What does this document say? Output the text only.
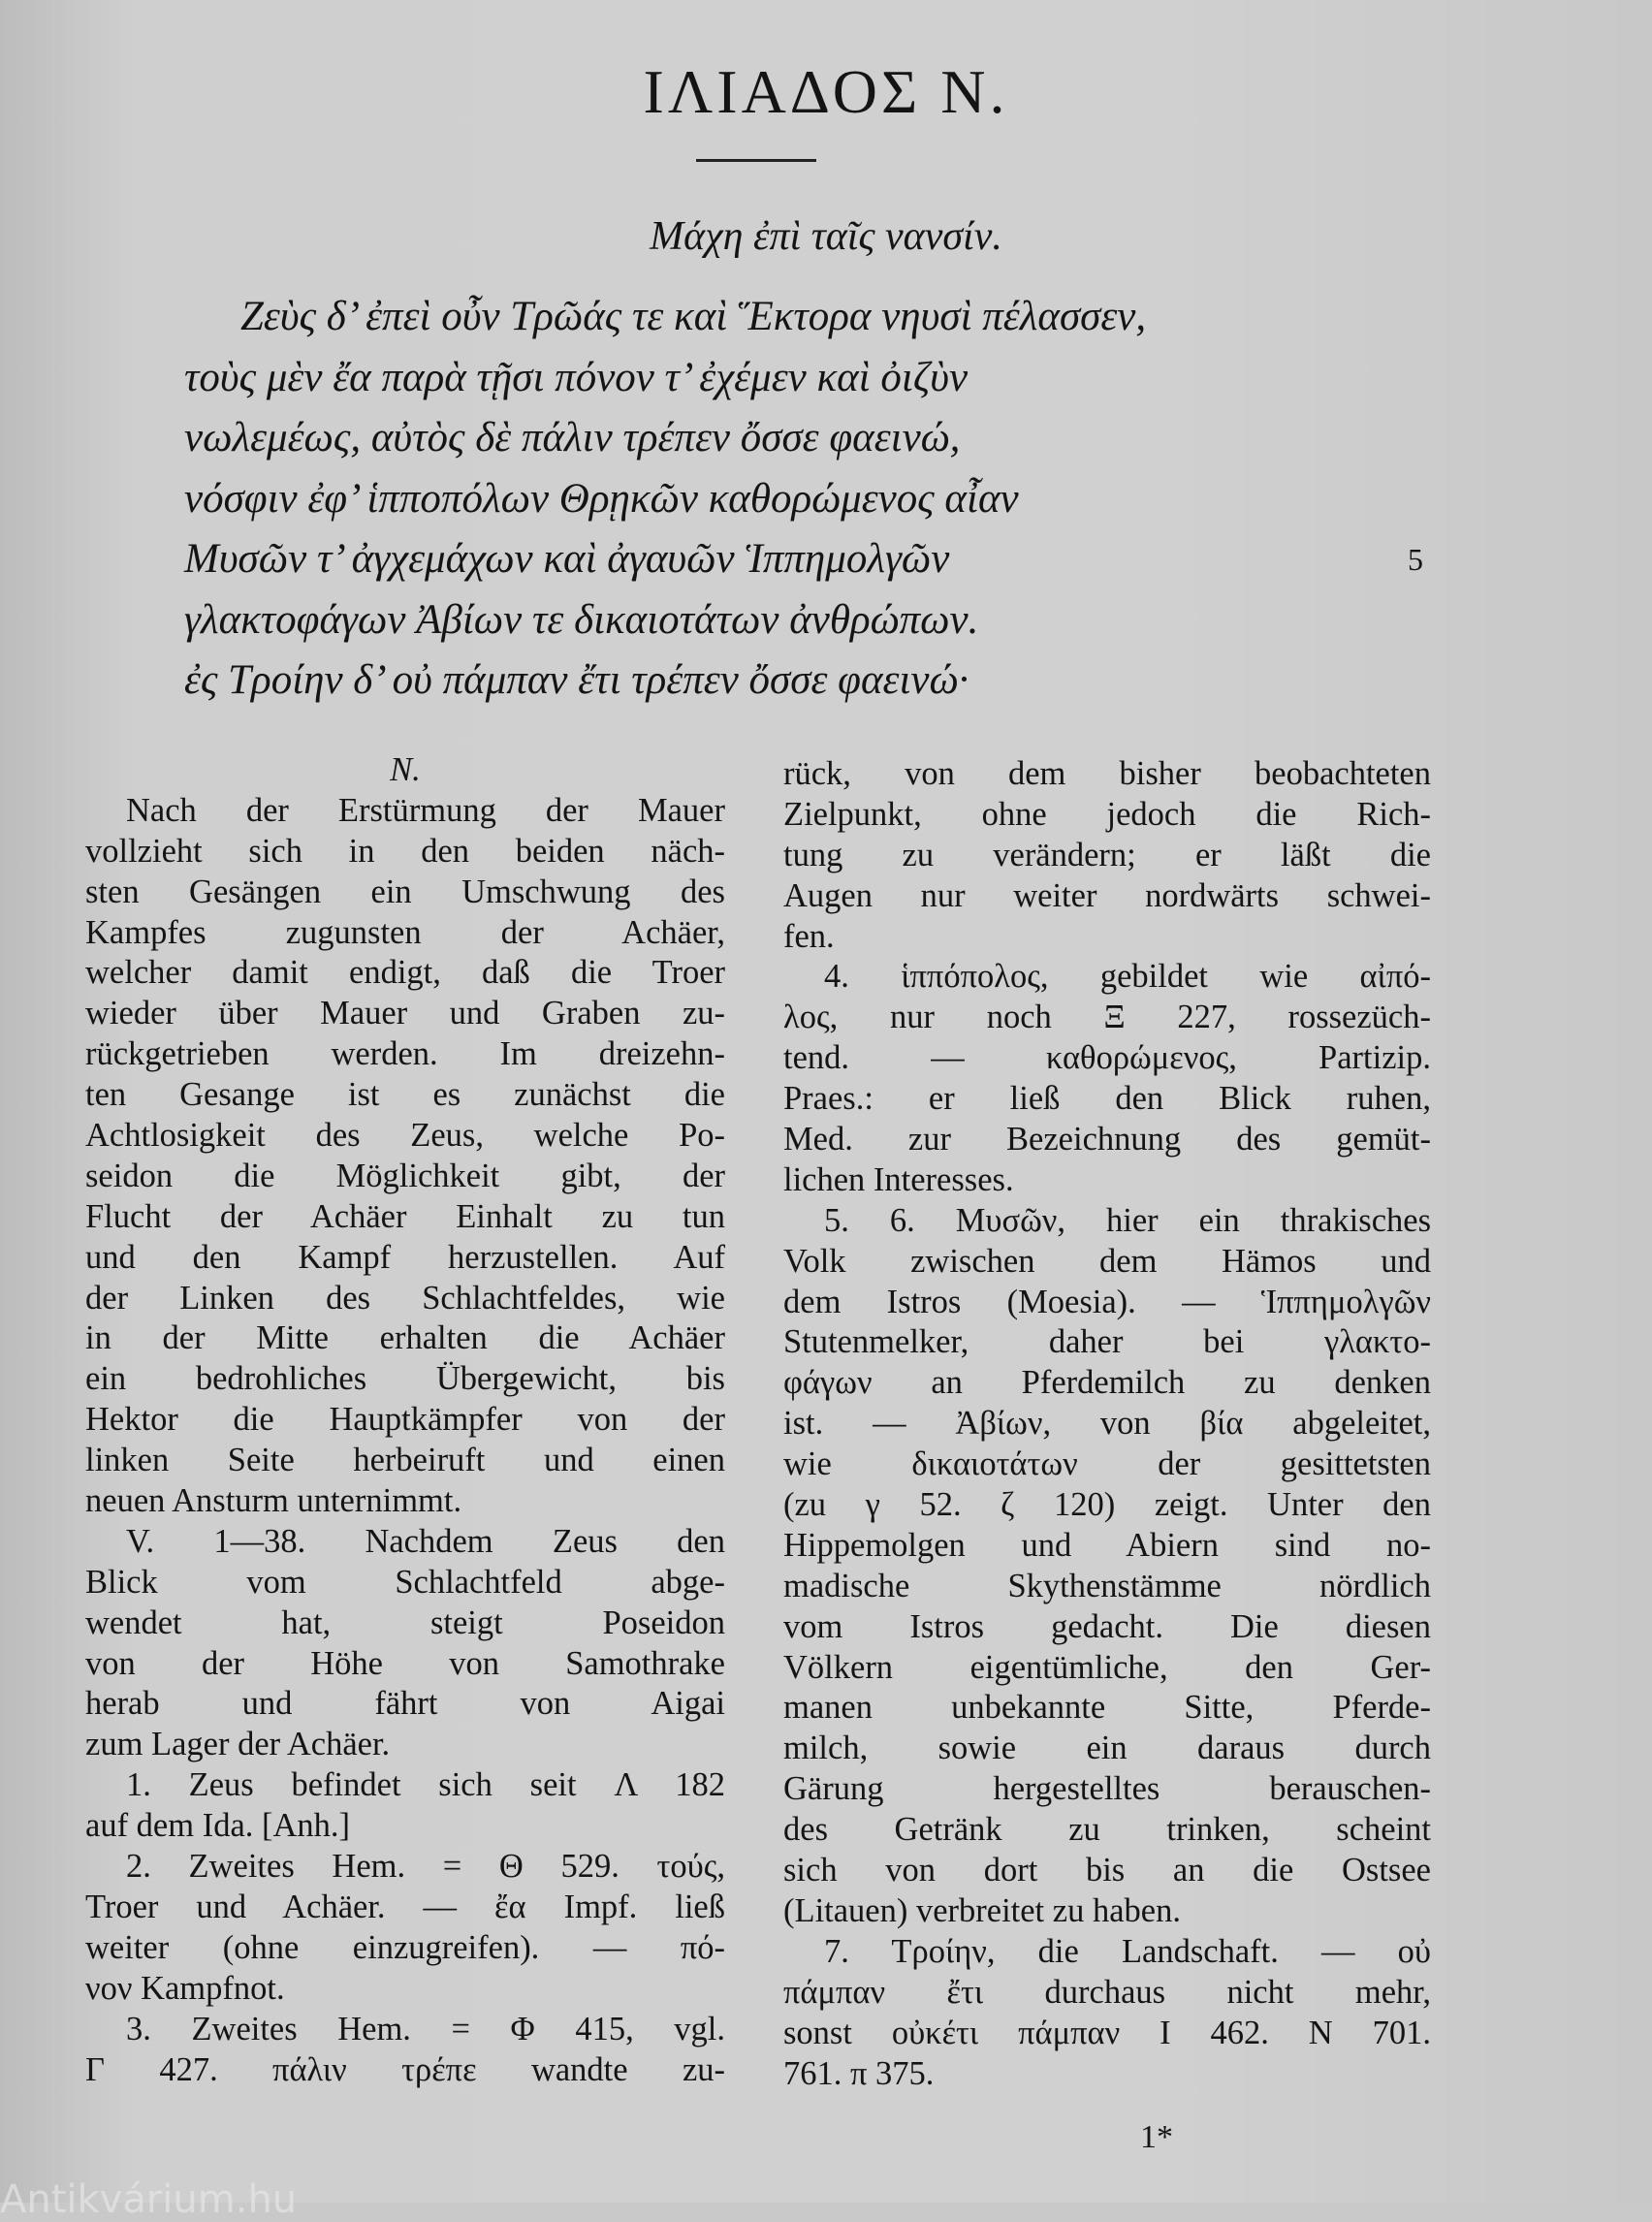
ΙΛΙΑΔΟΣ Ν.
Μάχη ἐπὶ ταῖς νανσίν.
Ζεὺς δ’ ἐπεὶ οὖν Τρῶάς τε καὶ Ἕκτορα νηυσὶ πέλασσεν,
τοὺς μὲν ἔα παρὰ τῇσι πόνον τ’ ἐχέμεν καὶ ὀιζὺν
νωλεμέως, αὐτὸς δὲ πάλιν τρέπεν ὄσσε φαεινώ,
νόσφιν ἐφ’ ἱπποπόλων Θρῃκῶν καθορώμενος αἶαν
Μυσῶν τ’ ἀγχεμάχων καὶ ἀγαυῶν Ἱππημολγῶν	5
γλακτοφάγων Ἀβίων τε δικαιοτάτων ἀνθρώπων.
ἐς Τροίην δ’ οὐ πάμπαν ἔτι τρέπεν ὄσσε φαεινώ·
N.
Nach der Erstürmung der Mauer
vollzieht sich in den beiden näch-
sten Gesängen ein Umschwung des
Kampfes zugunsten der Achäer,
welcher damit endigt, daß die Troer
wieder über Mauer und Graben zu-
rückgetrieben werden. Im dreizehn-
ten Gesange ist es zunächst die
Achtlosigkeit des Zeus, welche Po-
seidon die Möglichkeit gibt, der
Flucht der Achäer Einhalt zu tun
und den Kampf herzustellen. Auf
der Linken des Schlachtfeldes, wie
in der Mitte erhalten die Achäer
ein bedrohliches Übergewicht, bis
Hektor die Hauptkämpfer von der
linken Seite herbeiruft und einen
neuen Ansturm unternimmt.
V. 1—38. Nachdem Zeus den
Blick vom Schlachtfeld abge-
wendet hat, steigt Poseidon
von der Höhe von Samothrake
herab und fährt von Aigai
zum Lager der Achäer.
1. Zeus befindet sich seit Λ 182
auf dem Ida. [Anh.]
2. Zweites Hem. = Θ 529. τούς,
Troer und Achäer. — ἔα Impf. ließ
weiter (ohne einzugreifen). — πό-
νον Kampfnot.
3. Zweites Hem. = Φ 415, vgl.
Γ 427. πάλιν τρέπε wandte zu-
rück, von dem bisher beobachteten
Zielpunkt, ohne jedoch die Rich-
tung zu verändern; er läßt die
Augen nur weiter nordwärts schwei-
fen.
4. ἱππόπολος, gebildet wie αἰπό-
λος, nur noch Ξ 227, rossezüch-
tend. — καθορώμενος, Partizip.
Praes.: er ließ den Blick ruhen,
Med. zur Bezeichnung des gemüt-
lichen Interesses.
5. 6. Μυσῶν, hier ein thrakisches
Volk zwischen dem Hämos und
dem Istros (Moesia). — Ἱππημολγῶν
Stutenmelker, daher bei γλακτο-
φάγων an Pferdemilch zu denken
ist. — Ἀβίων, von βία abgeleitet,
wie δικαιοτάτων der gesittetsten
(zu γ 52. ζ 120) zeigt. Unter den
Hippemolgen und Abiern sind no-
madische Skythenstämme nördlich
vom Istros gedacht. Die diesen
Völkern eigentümliche, den Ger-
manen unbekannte Sitte, Pferde-
milch, sowie ein daraus durch
Gärung hergestelltes berauschen-
des Getränk zu trinken, scheint
sich von dort bis an die Ostsee
(Litauen) verbreitet zu haben.
7. Τροίην, die Landschaft. — οὐ
πάμπαν ἔτι durchaus nicht mehr,
sonst οὐκέτι πάμπαν Ι 462. Ν 701.
761. π 375.
1*
Antikvárium.hu
